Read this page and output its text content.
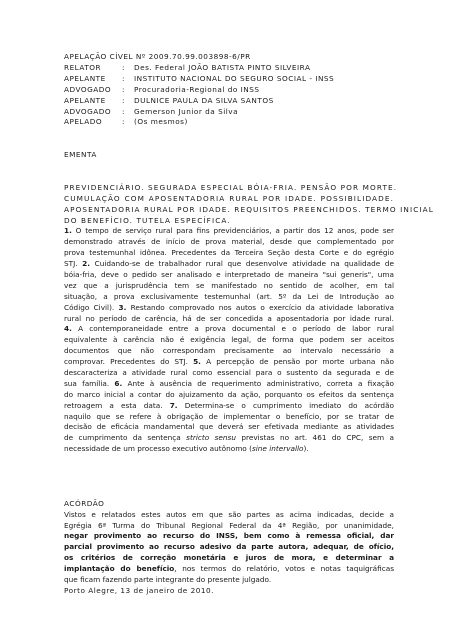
APELAÇÃO CÍVEL Nº 2009.70.99.003898-6/PR
RELATOR	:	Des. Federal JOÃO BATISTA PINTO SILVEIRA
APELANTE	:	INSTITUTO NACIONAL DO SEGURO SOCIAL - INSS
ADVOGADO	:	Procuradoria-Regional do INSS
APELANTE	:	DULNICE PAULA DA SILVA SANTOS
ADVOGADO	:	Gemerson Junior da Silva
APELADO	:	(Os mesmos)
EMENTA
PREVIDENCIÁRIO. SEGURADA ESPECIAL BÓIA-FRIA. PENSÃO POR MORTE.
CUMULAÇÃO COM APOSENTADORIA RURAL POR IDADE. POSSIBILIDADE.
APOSENTADORIA RURAL POR IDADE. REQUISITOS PREENCHIDOS. TERMO INICIAL
DO BENEFÍCIO. TUTELA ESPECÍFICA.
1. O tempo de serviço rural para fins previdenciários, a partir dos 12 anos, pode ser
demonstrado através de início de prova material, desde que complementado por
prova testemunhal idônea. Precedentes da Terceira Seção desta Corte e do egrégio
STJ. 2. Cuidando-se de trabalhador rural que desenvolve atividade na qualidade de
bóia-fria, deve o pedido ser analisado e interpretado de maneira "sui generis", uma
vez que a jurisprudência tem se manifestado no sentido de acolher, em tal
situação, a prova exclusivamente testemunhal (art. 5º da Lei de Introdução ao
Código Civil). 3. Restando comprovado nos autos o exercício da atividade laborativa
rural no período de carência, há de ser concedida a aposentadoria por idade rural.
4. A contemporaneidade entre a prova documental e o período de labor rural
equivalente à carência não é exigência legal, de forma que podem ser aceitos
documentos que não correspondam precisamente ao intervalo necessário a
comprovar. Precedentes do STJ. 5. A percepção de pensão por morte urbana não
descaracteriza a atividade rural como essencial para o sustento da segurada e de
sua família. 6. Ante à ausência de requerimento administrativo, correta a fixação
do marco inicial a contar do ajuizamento da ação, porquanto os efeitos da sentença
retroagem a esta data. 7. Determina-se o cumprimento imediato do acórdão
naquilo que se refere à obrigação de implementar o benefício, por se tratar de
decisão de eficácia mandamental que deverá ser efetivada mediante as atividades
de cumprimento da sentença stricto sensu previstas no art. 461 do CPC, sem a
necessidade de um processo executivo autônomo (sine intervallo).
ACÓRDÃO
Vistos e relatados estes autos em que são partes as acima indicadas, decide a
Egrégia 6ª Turma do Tribunal Regional Federal da 4ª Região, por unanimidade,
negar provimento ao recurso do INSS, bem como à remessa oficial, dar
parcial provimento ao recurso adesivo da parte autora, adequar, de ofício,
os critérios de correção monetária e juros de mora, e determinar a
implantação do benefício, nos termos do relatório, votos e notas taquigráficas
que ficam fazendo parte integrante do presente julgado.
Porto Alegre, 13 de janeiro de 2010.
